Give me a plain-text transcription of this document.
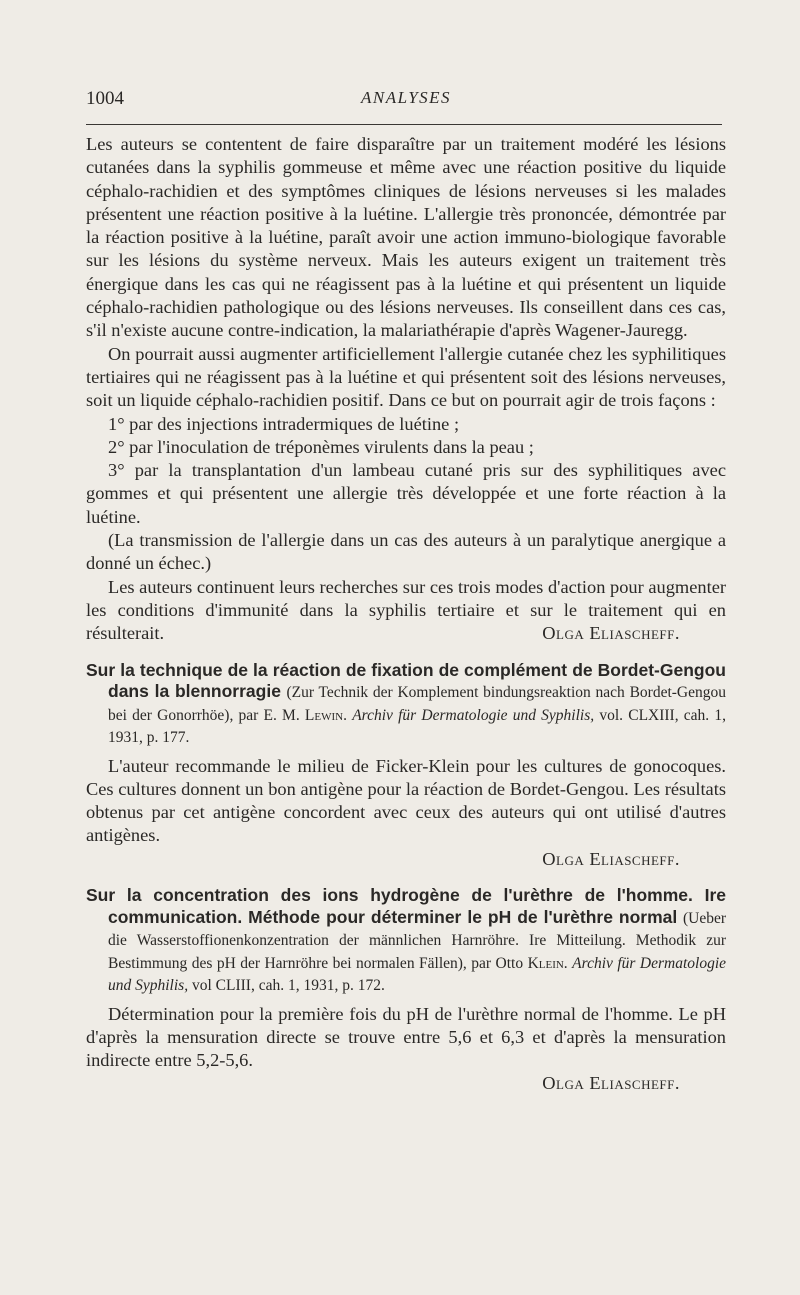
1004	ANALYSES

Les auteurs se contentent de faire disparaître par un traitement modéré les lésions cutanées dans la syphilis gommeuse et même avec une réaction positive du liquide céphalo-rachidien et des symptômes cliniques de lésions nerveuses si les malades présentent une réaction positive à la luétine. L'allergie très prononcée, démontrée par la réaction positive à la luétine, paraît avoir une action immuno-biologique favorable sur les lésions du système nerveux. Mais les auteurs exigent un traitement très énergique dans les cas qui ne réagissent pas à la luétine et qui présentent un liquide céphalo-rachidien pathologique ou des lésions nerveuses. Ils conseillent dans ces cas, s'il n'existe aucune contre-indication, la malariathérapie d'après Wagener-Jauregg.

On pourrait aussi augmenter artificiellement l'allergie cutanée chez les syphilitiques tertiaires qui ne réagissent pas à la luétine et qui présentent soit des lésions nerveuses, soit un liquide céphalo-rachidien positif. Dans ce but on pourrait agir de trois façons :

1° par des injections intradermiques de luétine ;

2° par l'inoculation de tréponèmes virulents dans la peau ;

3° par la transplantation d'un lambeau cutané pris sur des syphilitiques avec gommes et qui présentent une allergie très développée et une forte réaction à la luétine.

(La transmission de l'allergie dans un cas des auteurs à un paralytique anergique a donné un échec.)

Les auteurs continuent leurs recherches sur ces trois modes d'action pour augmenter les conditions d'immunité dans la syphilis tertiaire et sur le traitement qui en résulterait.	Olga Eliascheff.

Sur la technique de la réaction de fixation de complément de Bordet-Gengou dans la blennorragie (Zur Technik der Komplement bindungsreaktion nach Bordet-Gengou bei der Gonorrhöe), par E. M. Lewin. Archiv für Dermatologie und Syphilis, vol. CLXIII, cah. 1, 1931, p. 177.

L'auteur recommande le milieu de Ficker-Klein pour les cultures de gonocoques. Ces cultures donnent un bon antigène pour la réaction de Bordet-Gengou. Les résultats obtenus par cet antigène concordent avec ceux des auteurs qui ont utilisé d'autres antigènes.

Olga Eliascheff.

Sur la concentration des ions hydrogène de l'urèthre de l'homme. Ire communication. Méthode pour déterminer le pH de l'urèthre normal (Ueber die Wasserstoffionenkonzentration der männlichen Harnröhre. Ire Mitteilung. Methodik zur Bestimmung des pH der Harnröhre bei normalen Fällen), par Otto Klein. Archiv für Dermatologie und Syphilis, vol CLIII, cah. 1, 1931, p. 172.

Détermination pour la première fois du pH de l'urèthre normal de l'homme. Le pH d'après la mensuration directe se trouve entre 5,6 et 6,3 et d'après la mensuration indirecte entre 5,2-5,6.

Olga Eliascheff.
